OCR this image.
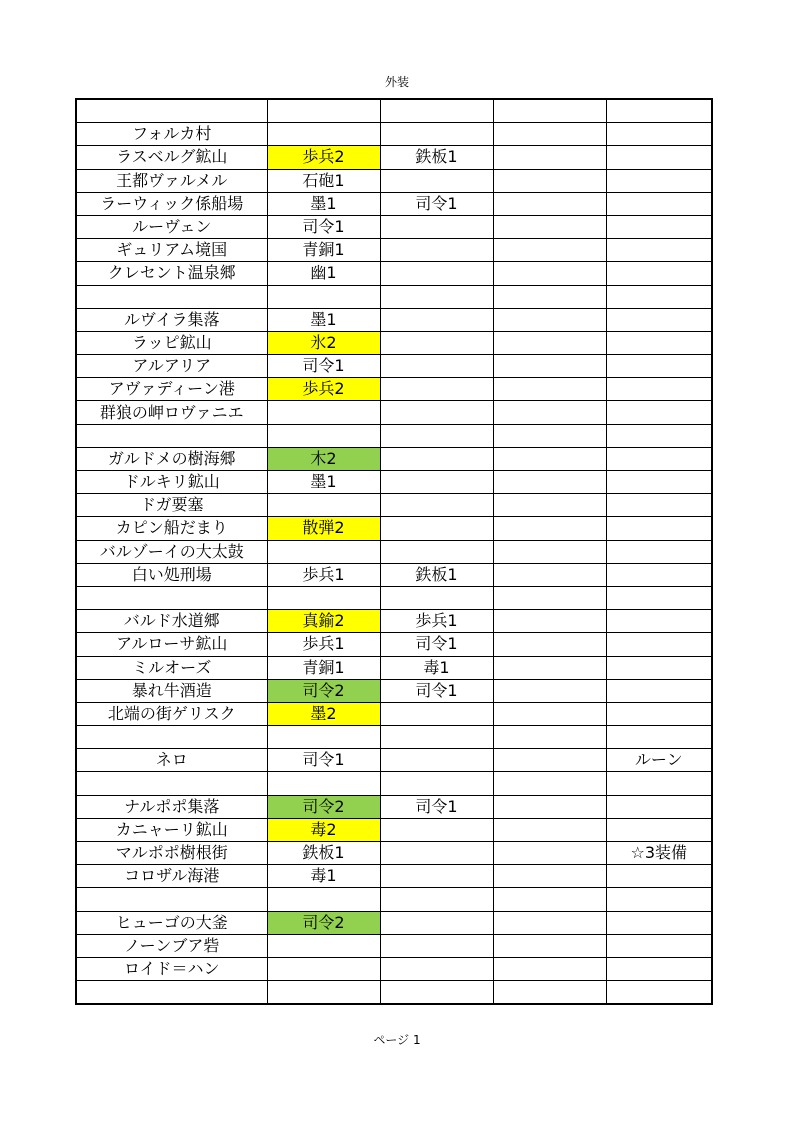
外装

フォルカ村				
ラスベルグ鉱山	歩兵2	鉄板1		
王都ヴァルメル	石砲1			
ラーウィック係船場	墨1	司令1		
ルーヴェン	司令1			
ギュリアム境国	青銅1			
クレセント温泉郷	幽1			

ルヴイラ集落	墨1			
ラッピ鉱山	氷2			
アルアリア	司令1			
アヴァディーン港	歩兵2			
群狼の岬ロヴァニエ				

ガルドメの樹海郷	木2			
ドルキリ鉱山	墨1			
ドガ要塞				
カピン船だまり	散弾2			
バルゾーイの大太鼓				
白い処刑場	歩兵1	鉄板1		

バルド水道郷	真鍮2	歩兵1		
アルローサ鉱山	歩兵1	司令1		
ミルオーズ	青銅1	毒1		
暴れ牛酒造	司令2	司令1		
北端の街ゲリスク	墨2			

ネロ	司令1			ルーン

ナルポポ集落	司令2	司令1		
カニャーリ鉱山	毒2			
マルポポ樹根街	鉄板1			☆3装備
コロザル海港	毒1			

ヒューゴの大釜	司令2			
ノーンブア砦				
ロイド＝ハン				

ページ 1
